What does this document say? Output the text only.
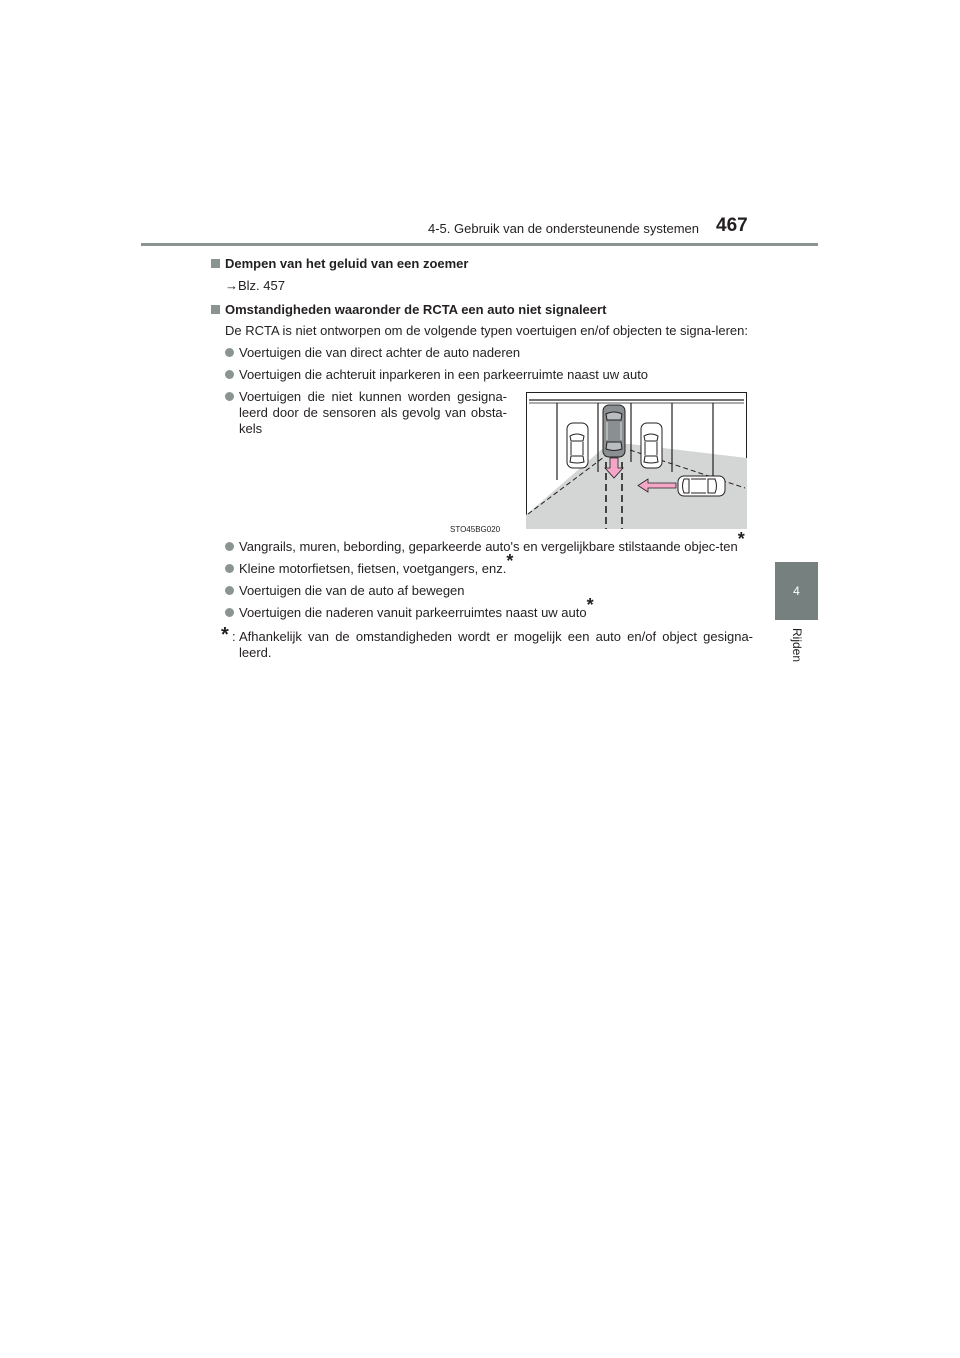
4-5. Gebruik van de ondersteunende systemen 467
4
Rijden

Dempen van het geluid van een zoemer

→Blz. 457

Omstandigheden waaronder de RCTA een auto niet signaleert

De RCTA is niet ontworpen om de volgende typen voertuigen en/of objecten te signa-leren:

Voertuigen die van direct achter de auto naderen

Voertuigen die achteruit inparkeren in een parkeerruimte naast uw auto

Voertuigen die niet kunnen worden gesigna-leerd door de sensoren als gevolg van obsta-kels

Vangrails, muren, bebording, geparkeerde auto's en vergelijkbare stilstaande objec-ten*

Kleine motorfietsen, fietsen, voetgangers, enz.*

Voertuigen die van de auto af bewegen

Voertuigen die naderen vanuit parkeerruimtes naast uw auto*

* : Afhankelijk van de omstandigheden wordt er mogelijk een auto en/of object gesigna-leerd.

STO45BG020
